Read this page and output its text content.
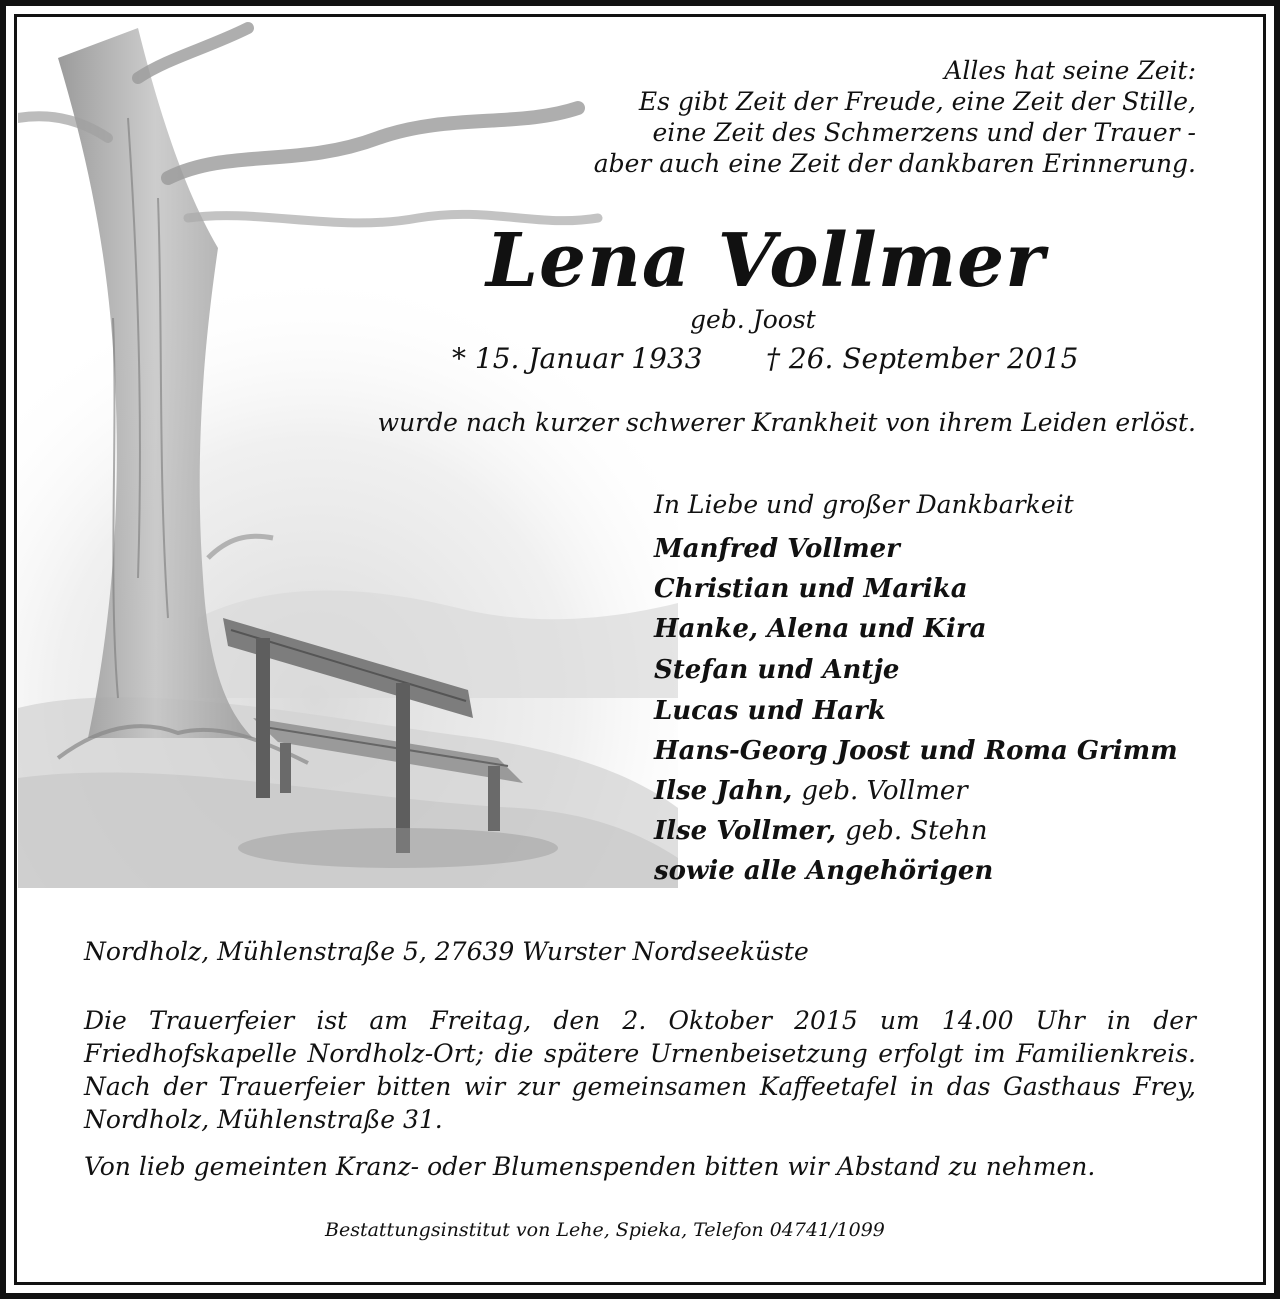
Alles hat seine Zeit:
Es gibt Zeit der Freude, eine Zeit der Stille,
eine Zeit des Schmerzens und der Trauer -
aber auch eine Zeit der dankbaren Erinnerung.
Lena Vollmer
geb. Joost
* 15. Januar 1933 † 26. September 2015
wurde nach kurzer schwerer Krankheit von ihrem Leiden erlöst.
In Liebe und großer Dankbarkeit
Manfred Vollmer
Christian und Marika
Hanke, Alena und Kira
Stefan und Antje
Lucas und Hark
Hans-Georg Joost und Roma Grimm
Ilse Jahn, geb. Vollmer
Ilse Vollmer, geb. Stehn
sowie alle Angehörigen
Nordholz, Mühlenstraße 5, 27639 Wurster Nordseeküste
Die Trauerfeier ist am Freitag, den 2. Oktober 2015 um 14.00 Uhr in der Friedhofskapelle Nordholz-Ort; die spätere Urnenbeisetzung erfolgt im Familienkreis. Nach der Trauerfeier bitten wir zur gemeinsamen Kaffeetafel in das Gasthaus Frey, Nordholz, Mühlenstraße 31.
Von lieb gemeinten Kranz- oder Blumenspenden bitten wir Abstand zu nehmen.
Bestattungsinstitut von Lehe, Spieka, Telefon 04741/1099
